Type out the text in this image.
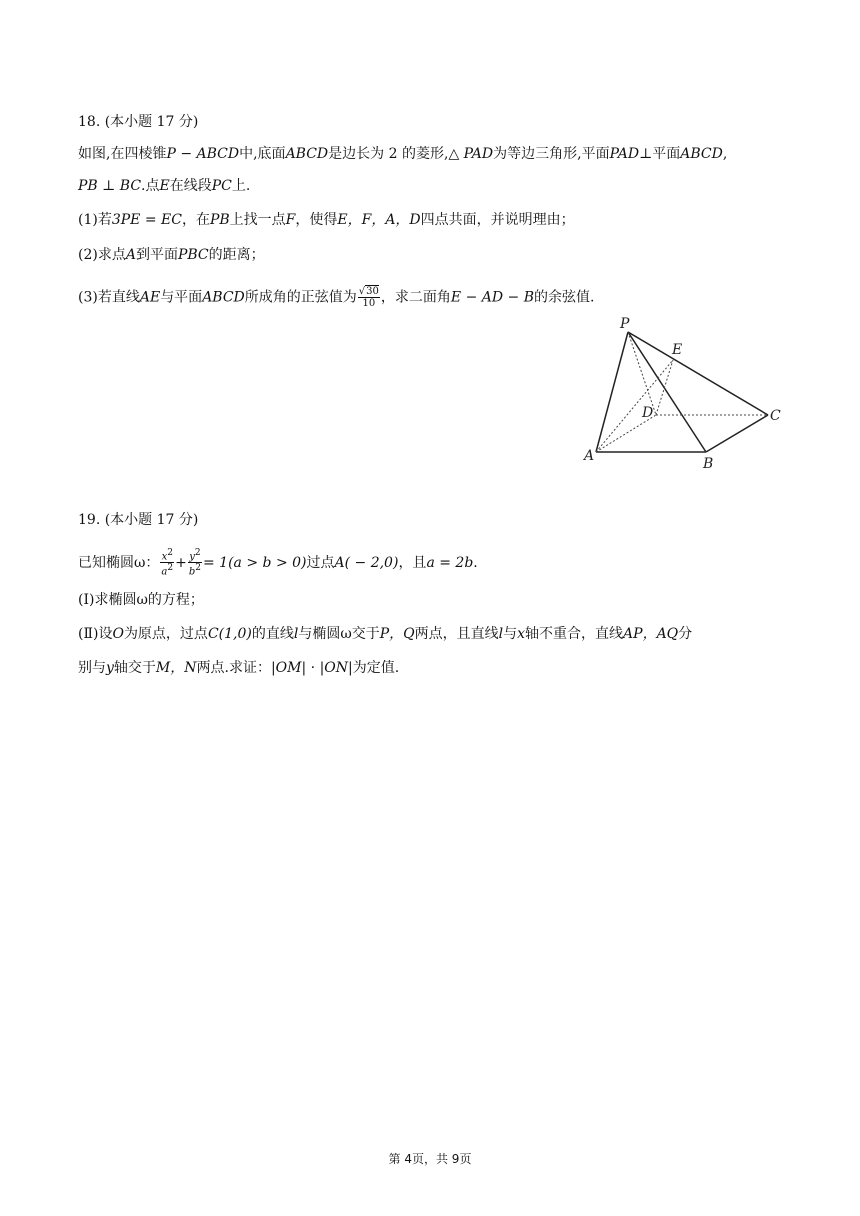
18. (本小题 17 分)
如图,在四棱锥P − ABCD中,底面ABCD是边长为 2 的菱形,△ PAD为等边三角形,平面PAD⊥平面ABCD,
PB ⊥ BC.点E在线段PC上.
(1)若3PE = EC，在PB上找一点F，使得E，F，A，D四点共面，并说明理由；
(2)求点A到平面PBC的距离；
(3)若直线AE与平面ABCD所成角的正弦值为 $\frac{√30}{10}$ ，求二面角E − AD − B的余弦值.
P
E
D	C
A	B
19. (本小题 17 分)
已知椭圆ω： $\frac{x^2}{a^2} + \frac{y^2}{b^2} = 1(a > b > 0)$过点A( − 2,0)，且a = 2b.
(Ⅰ)求椭圆ω的方程；
(Ⅱ)设O为原点，过点C(1,0)的直线l与椭圆ω交于P，Q两点，且直线l与x轴不重合，直线AP，AQ分
别与y轴交于M，N两点.求证：|OM| · |ON|为定值.
第 4页，共 9页
